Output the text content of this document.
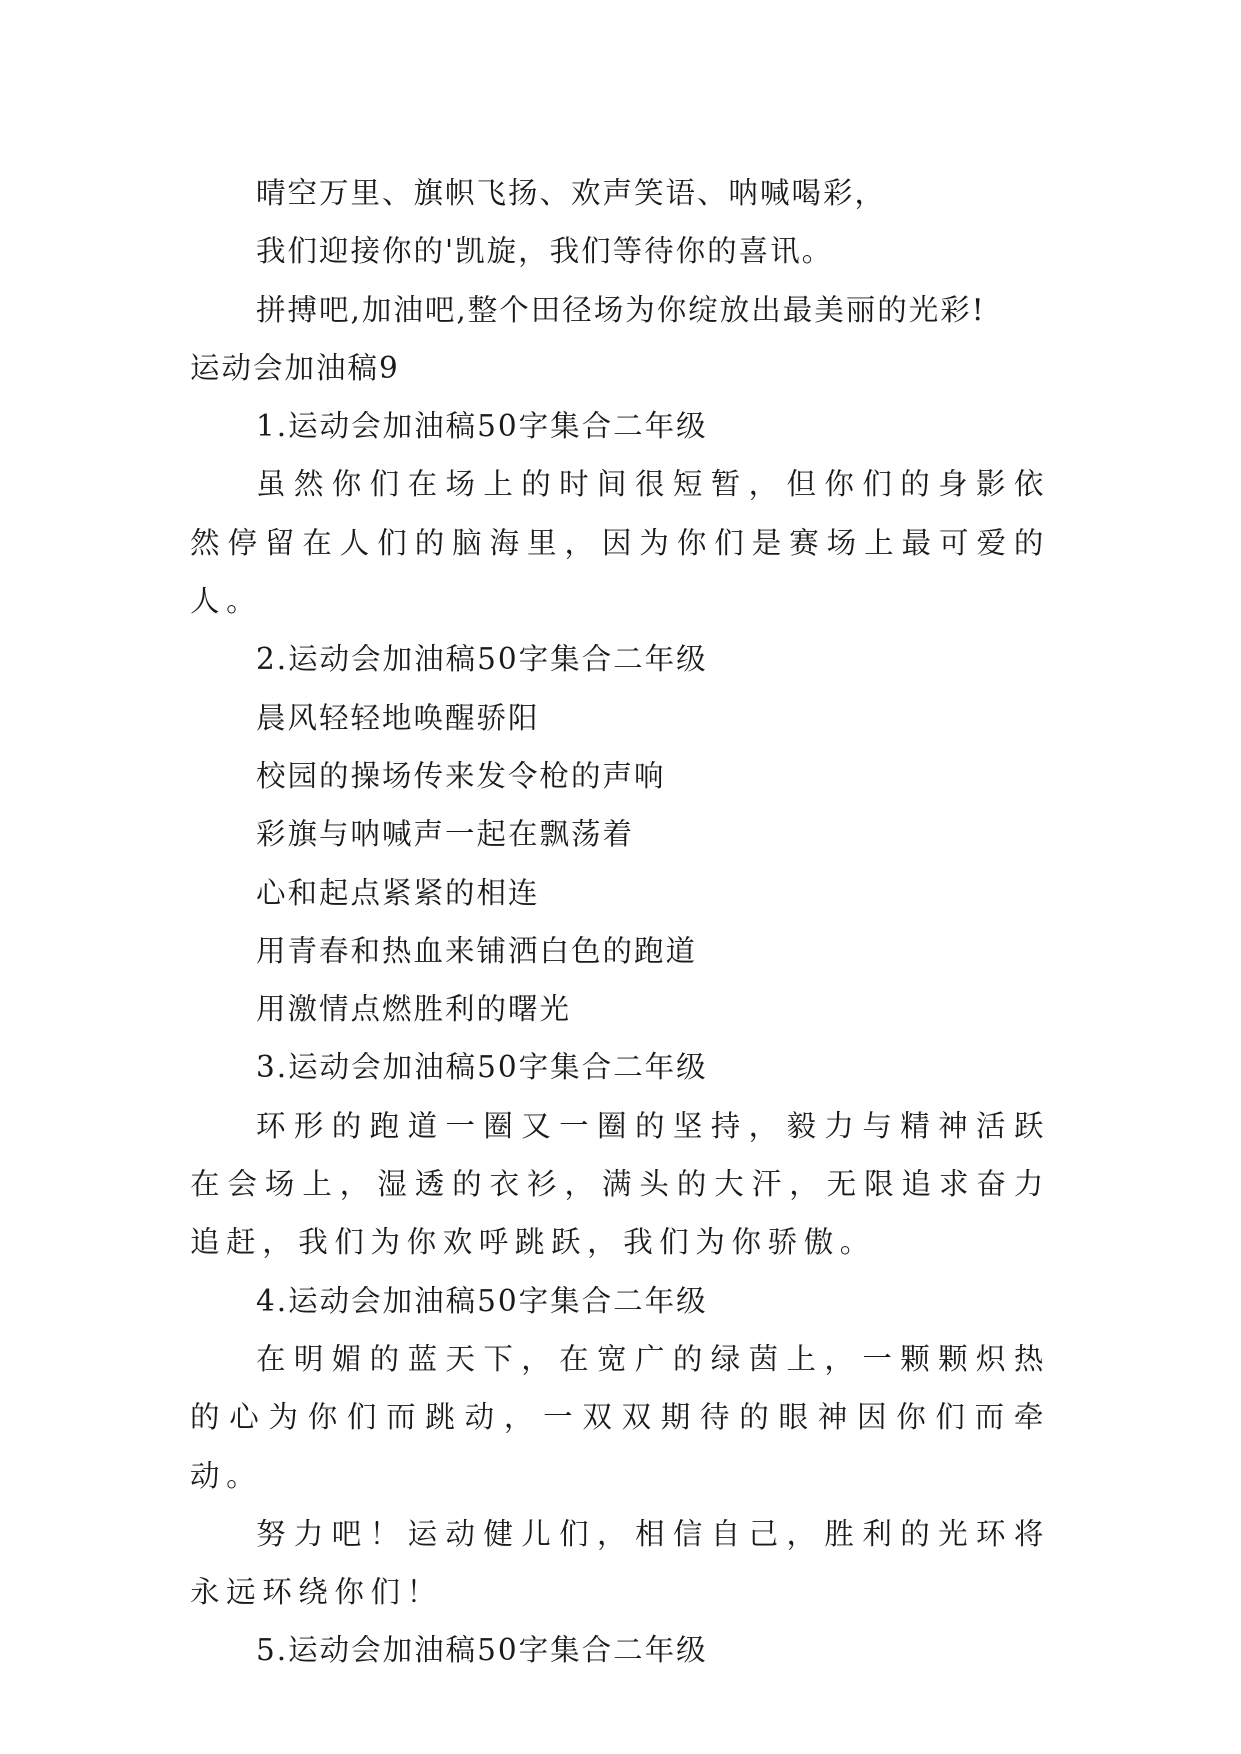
晴空万里、旗帜飞扬、欢声笑语、呐喊喝彩，

我们迎接你的'凯旋，我们等待你的喜讯。

拼搏吧,加油吧,整个田径场为你绽放出最美丽的光彩!

运动会加油稿9

1.运动会加油稿50字集合二年级

虽然你们在场上的时间很短暂，但你们的身影依然停留在人们的脑海里，因为你们是赛场上最可爱的人。

2.运动会加油稿50字集合二年级

晨风轻轻地唤醒骄阳

校园的操场传来发令枪的声响

彩旗与呐喊声一起在飘荡着

心和起点紧紧的相连

用青春和热血来铺洒白色的跑道

用激情点燃胜利的曙光

3.运动会加油稿50字集合二年级

环形的跑道一圈又一圈的坚持，毅力与精神活跃在会场上，湿透的衣衫，满头的大汗，无限追求奋力追赶，我们为你欢呼跳跃，我们为你骄傲。

4.运动会加油稿50字集合二年级

在明媚的蓝天下，在宽广的绿茵上，一颗颗炽热的心为你们而跳动，一双双期待的眼神因你们而牵动。

努力吧！运动健儿们，相信自己，胜利的光环将永远环绕你们！

5.运动会加油稿50字集合二年级
